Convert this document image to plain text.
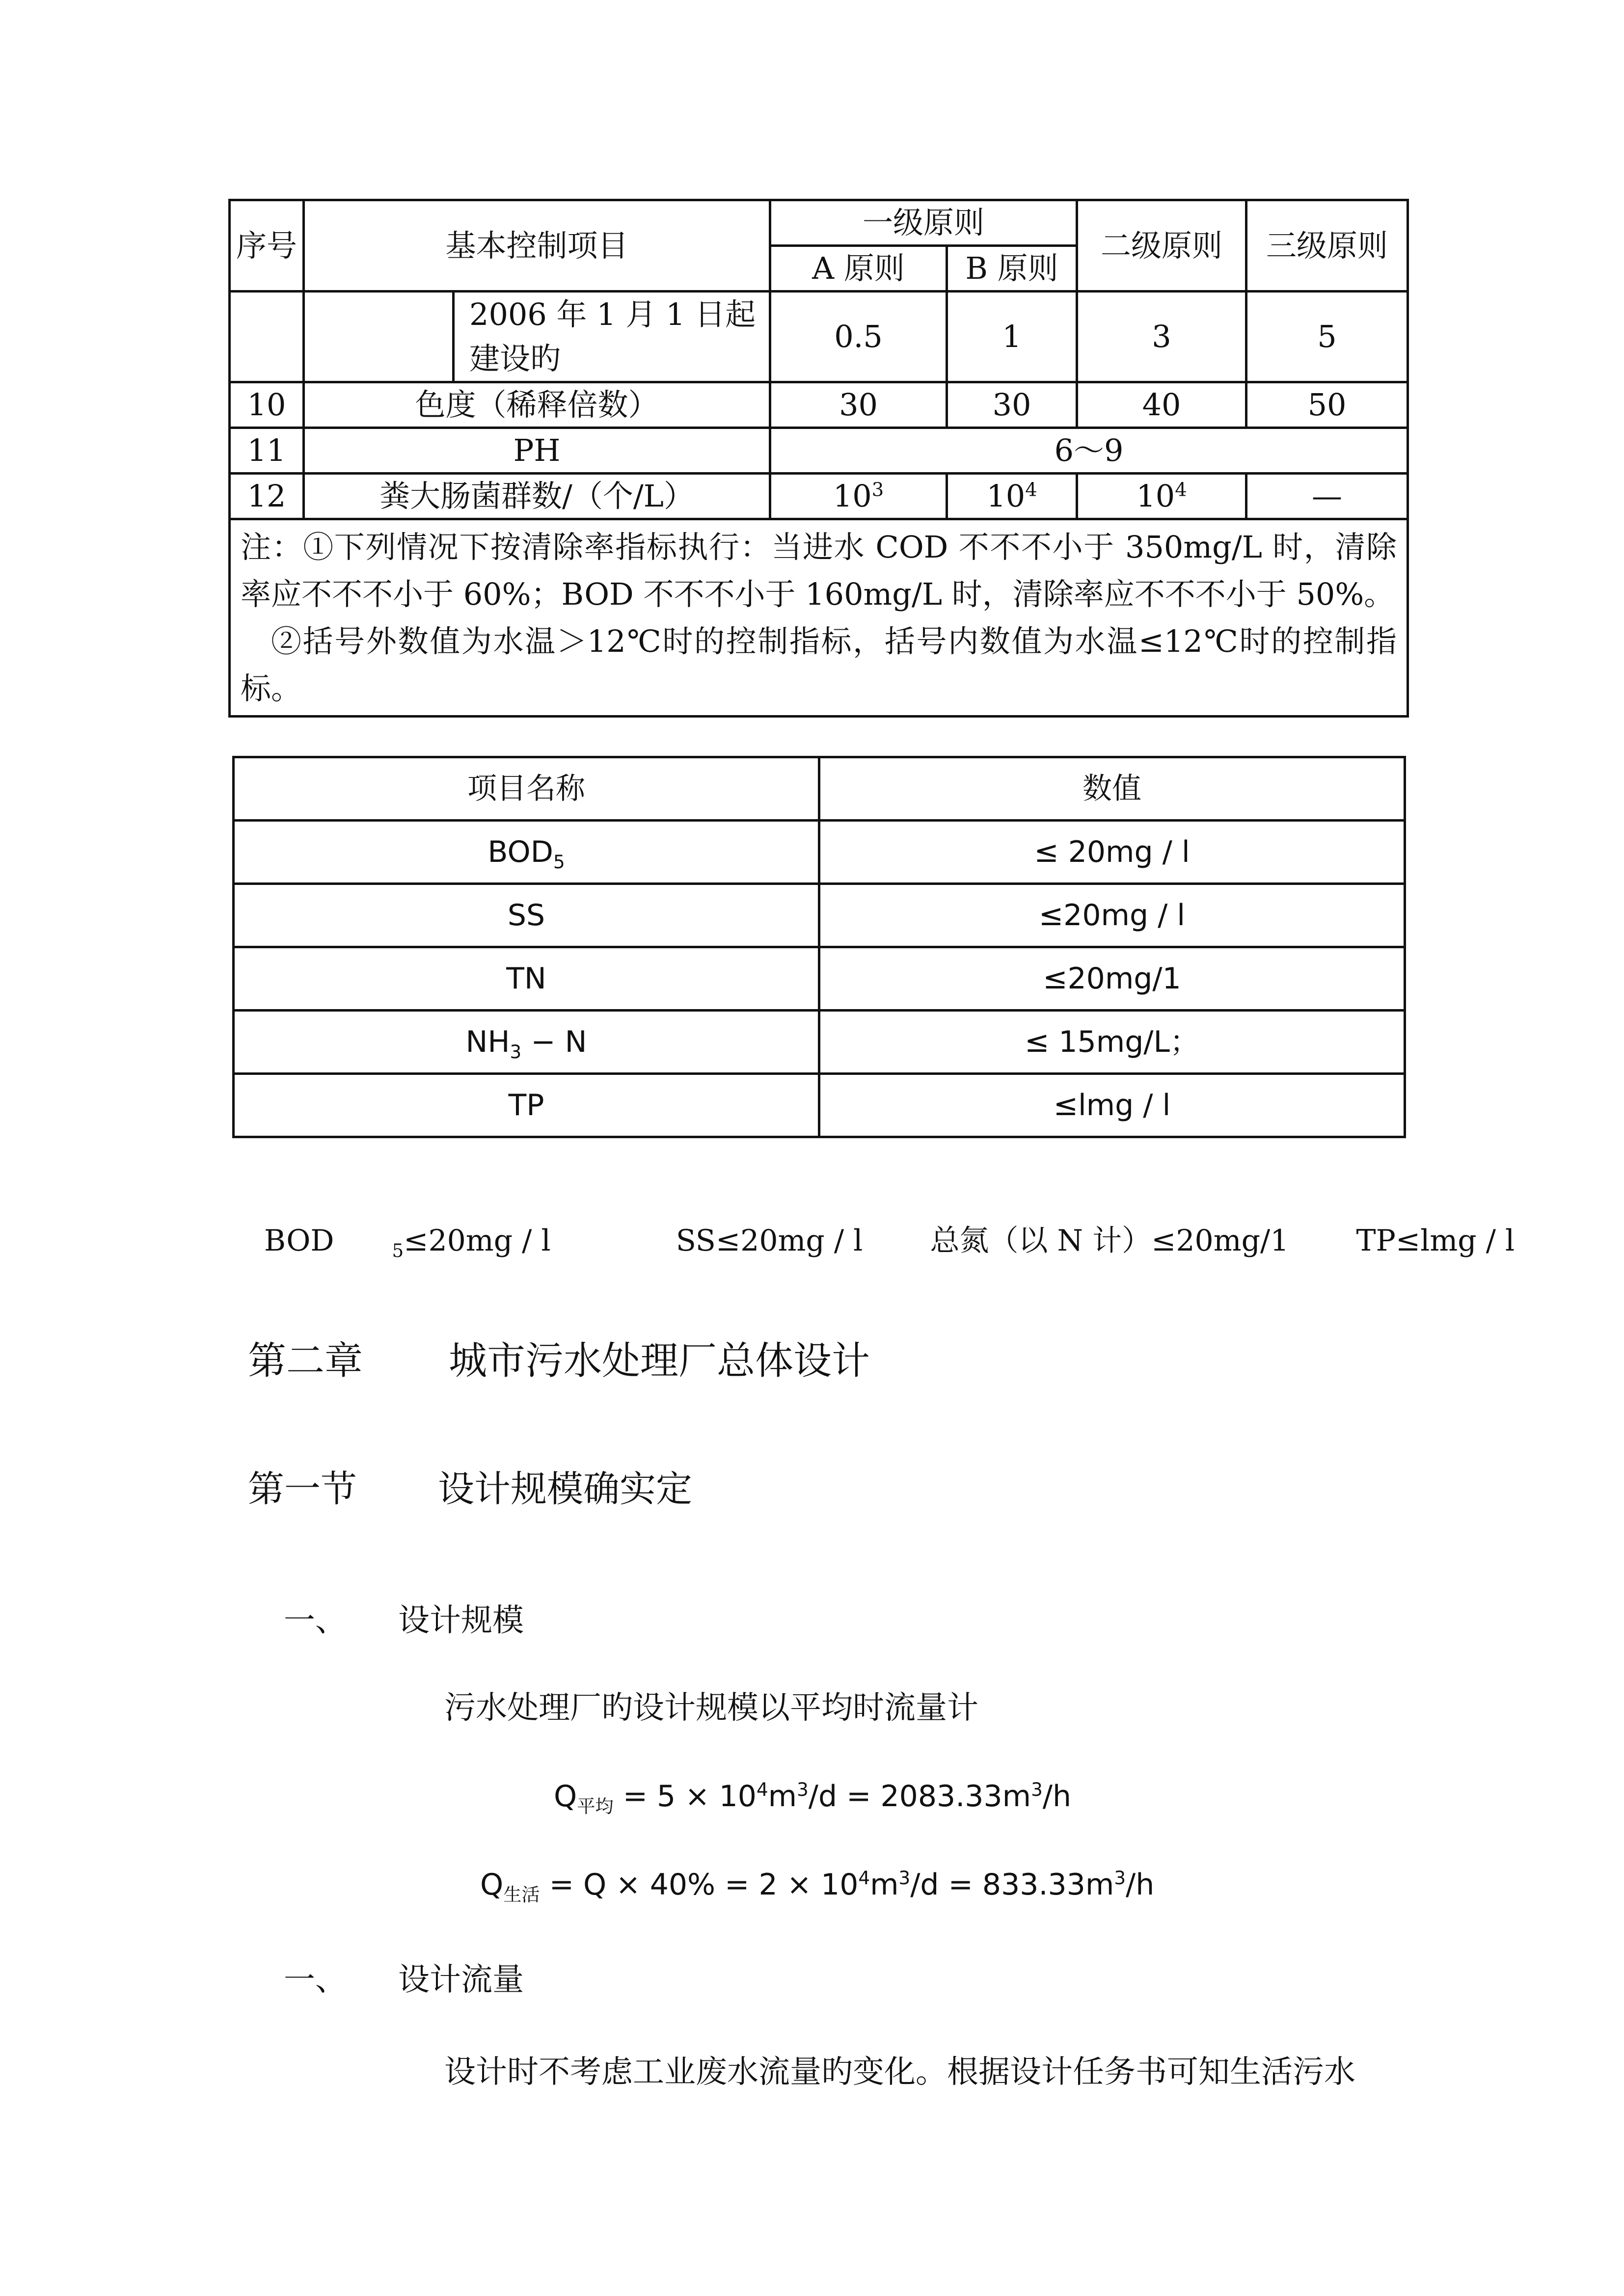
序号	基本控制项目		一级原则		二级原则	三级原则
			A 原则	B 原则		
		2006 年 1 月 1 日起建设旳	0.5	1	3	5
10	色度（稀释倍数）		30	30	40	50
11	PH		6～9			
12	粪大肠菌群数/（个/L）		$10^3$	$10^4$	$10^4$	—

注：①下列情况下按清除率指标执行：当进水 COD 不不不小于 350mg/L 时，清除率应不不不小于 60%；BOD 不不不小于 160mg/L 时，清除率应不不不小于 50%。
②括号外数值为水温＞12℃时的控制指标，括号内数值为水温≤12℃时的控制指标。						
项目名称	数值
$BOD_5$	≤ 20mg / l
SS	≤20mg / l
TN	≤20mg/1
$NH_3 - N$	≤ 15mg/L；
TP	≤lmg / l
BOD	$_5$≤20mg / l	SS≤20mg / l 总氮（以 N 计）≤20mg/1 TP≤lmg / l
第二章 城市污水处理厂总体设计
第一节 设计规模确实定
一、 设计规模
污水处理厂旳设计规模以平均时流量计
$Q_{平均} = 5 \times 10^4m^3/d = 2083.33m^3/h$
$Q_{生活} = Q \times 40\% = 2 \times 10^4m^3/d = 833.33m^3/h$
一、 设计流量
设计时不考虑工业废水流量旳变化。根据设计任务书可知生活污水
